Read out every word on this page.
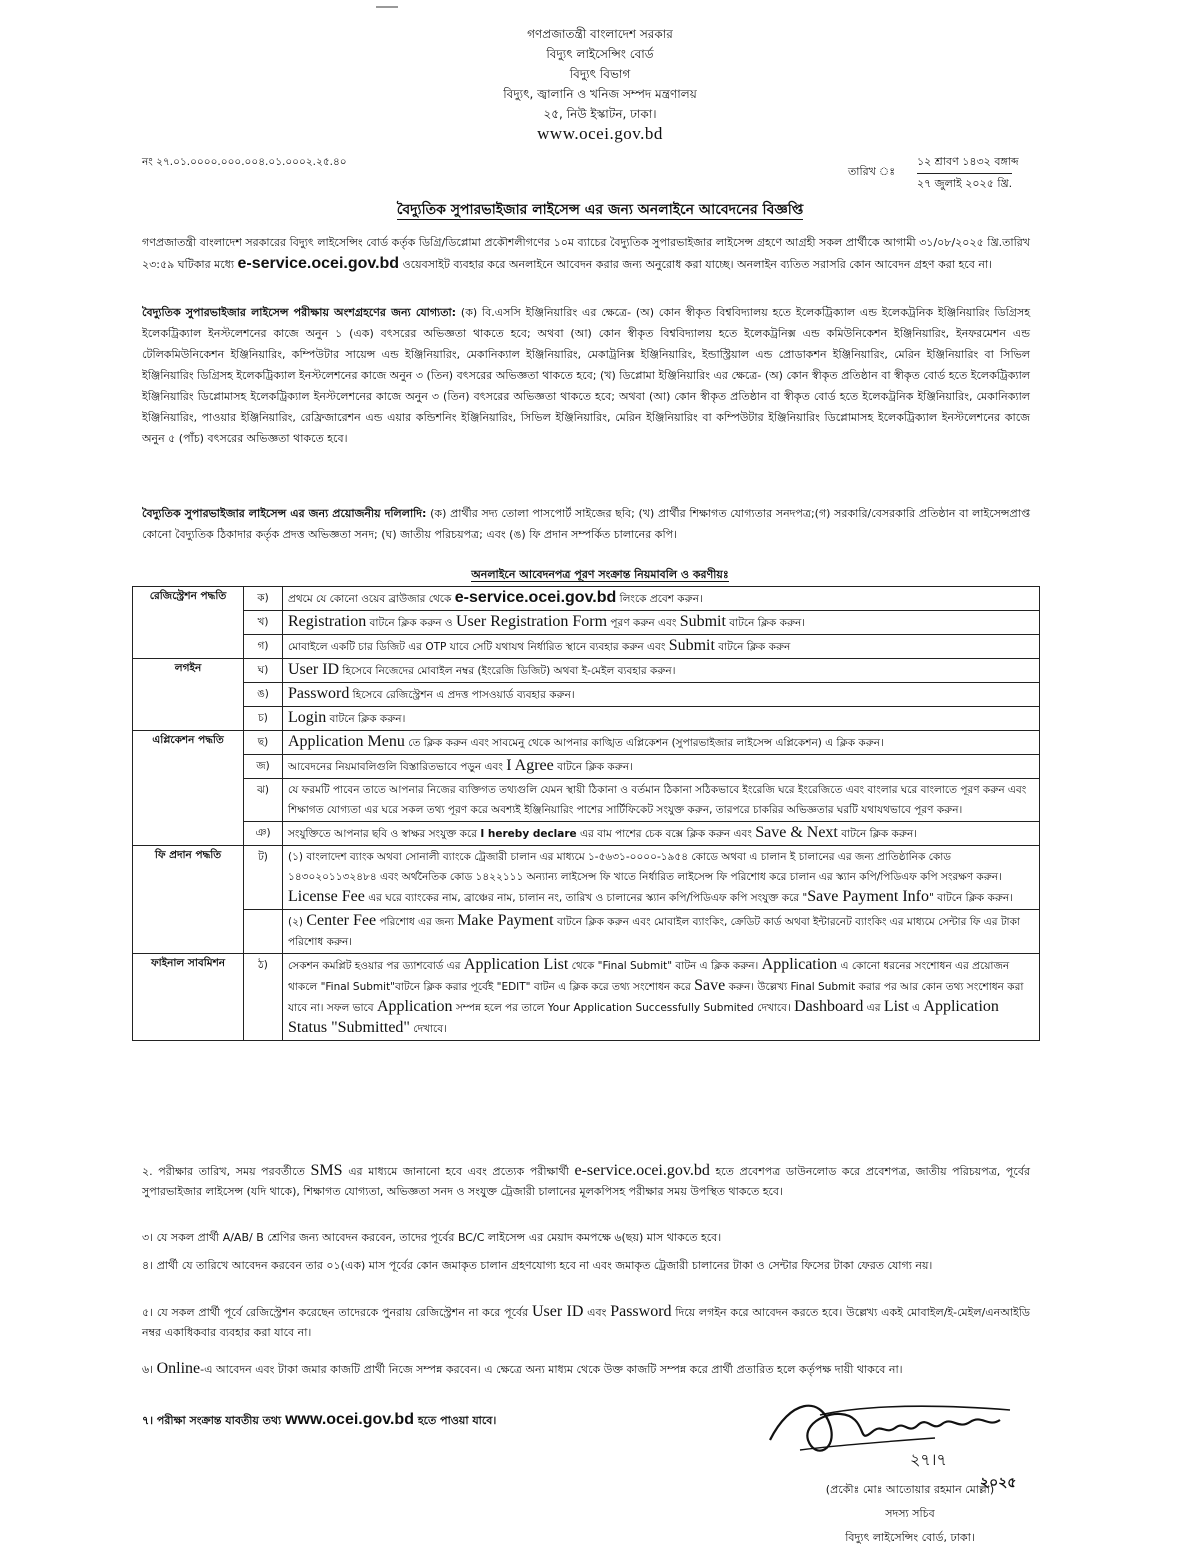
গণপ্রজাতন্ত্রী বাংলাদেশ সরকার
বিদ্যুৎ লাইসেন্সিং বোর্ড
বিদ্যুৎ বিভাগ
বিদ্যুৎ, জ্বালানি ও খনিজ সম্পদ মন্ত্রণালয়
২৫, নিউ ইস্কাটন, ঢাকা।
www.ocei.gov.bd
নং ২৭.০১.০০০০.০০০.০০৪.০১.০০০২.২৫.৪০
তারিখ ঃ
১২ শ্রাবণ ১৪৩২ বঙ্গাব্দ
২৭ জুলাই ২০২৫ খ্রি.
বৈদ্যুতিক সুপারভাইজার লাইসেন্স এর জন্য অনলাইনে আবেদনের বিজ্ঞপ্তি
গণপ্রজাতন্ত্রী বাংলাদেশ সরকারের বিদ্যুৎ লাইসেন্সিং বোর্ড কর্তৃক ডিগ্রি/ডিপ্লোমা প্রকৌশলীগণের ১০ম ব্যাচের বৈদ্যুতিক সুপারভাইজার লাইসেন্স গ্রহণে আগ্রহী সকল প্রার্থীকে আগামী ৩১/০৮/২০২৫ খ্রি.তারিখ ২৩:৫৯ ঘটিকার মধ্যে e-service.ocei.gov.bd ওয়েবসাইট ব্যবহার করে অনলাইনে আবেদন করার জন্য অনুরোধ করা যাচ্ছে। অনলাইন ব্যতিত সরাসরি কোন আবেদন গ্রহণ করা হবে না।
বৈদ্যুতিক সুপারভাইজার লাইসেন্স পরীক্ষায় অংশগ্রহণের জন্য যোগ্যতা: (ক) বি.এসসি ইঞ্জিনিয়ারিং এর ক্ষেত্রে- (অ) কোন স্বীকৃত বিশ্ববিদ্যালয় হতে ইলেকট্রিক্যাল এন্ড ইলেকট্রনিক ইঞ্জিনিয়ারিং ডিগ্রিসহ ইলেকট্রিক্যাল ইনস্টলেশনের কাজে অনুন ১ (এক) বৎসরের অভিজ্ঞতা থাকতে হবে; অথবা (আ) কোন স্বীকৃত বিশ্ববিদ্যালয় হতে ইলেকট্রনিক্স এন্ড কমিউনিকেশন ইঞ্জিনিয়ারিং, ইনফরমেশন এন্ড টেলিকমিউনিকেশন ইঞ্জিনিয়ারিং, কম্পিউটার সায়েন্স এন্ড ইঞ্জিনিয়ারিং, মেকানিক্যাল ইঞ্জিনিয়ারিং, মেকাট্রনিক্স ইঞ্জিনিয়ারিং, ইন্ডাস্ট্রিয়াল এন্ড প্রোডাকশন ইঞ্জিনিয়ারিং, মেরিন ইঞ্জিনিয়ারিং বা সিভিল ইঞ্জিনিয়ারিং ডিগ্রিসহ ইলেকট্রিক্যাল ইনস্টলেশনের কাজে অনুন ৩ (তিন) বৎসরের অভিজ্ঞতা থাকতে হবে; (খ) ডিপ্লোমা ইঞ্জিনিয়ারিং এর ক্ষেত্রে- (অ) কোন স্বীকৃত প্রতিষ্ঠান বা স্বীকৃত বোর্ড হতে ইলেকট্রিক্যাল ইঞ্জিনিয়ারিং ডিপ্লোমাসহ ইলেকট্রিক্যাল ইনস্টলেশনের কাজে অনুন ৩ (তিন) বৎসরের অভিজ্ঞতা থাকতে হবে; অথবা (আ) কোন স্বীকৃত প্রতিষ্ঠান বা স্বীকৃত বোর্ড হতে ইলেকট্রনিক ইঞ্জিনিয়ারিং, মেকানিক্যাল ইঞ্জিনিয়ারিং, পাওয়ার ইঞ্জিনিয়ারিং, রেফ্রিজারেশন এন্ড এয়ার কন্ডিশনিং ইঞ্জিনিয়ারিং, সিভিল ইঞ্জিনিয়ারিং, মেরিন ইঞ্জিনিয়ারিং বা কম্পিউটার ইঞ্জিনিয়ারিং ডিপ্লোমাসহ ইলেকট্রিক্যাল ইনস্টলেশনের কাজে অনুন ৫ (পাঁচ) বৎসরের অভিজ্ঞতা থাকতে হবে।
বৈদ্যুতিক সুপারভাইজার লাইসেন্স এর জন্য প্রয়োজনীয় দলিলাদি: (ক) প্রার্থীর সদ্য তোলা পাসপোর্ট সাইজের ছবি; (খ) প্রার্থীর শিক্ষাগত যোগ্যতার সনদপত্র;(গ) সরকারি/বেসরকারি প্রতিষ্ঠান বা লাইসেন্সপ্রাপ্ত কোনো বৈদ্যুতিক ঠিকাদার কর্তৃক প্রদত্ত অভিজ্ঞতা সনদ; (ঘ) জাতীয় পরিচয়পত্র; এবং (ঙ) ফি প্রদান সম্পর্কিত চালানের কপি।
অনলাইনে আবেদনপত্র পূরণ সংক্রান্ত নিয়মাবলি ও করণীয়ঃ
রেজিস্ট্রেশন পদ্ধতি	ক)	প্রথমে যে কোনো ওয়েব ব্রাউজার থেকে e-service.ocei.gov.bd লিংকে প্রবেশ করুন।
	খ)	Registration বাটনে ক্লিক করুন ও User Registration Form পূরণ করুন এবং Submit বাটনে ক্লিক করুন।
	গ)	মোবাইলে একটি চার ডিজিট এর OTP যাবে সেটি যথাযথ নির্ধারিত স্থানে ব্যবহার করুন এবং Submit বাটনে ক্লিক করুন
লগইন	ঘ)	User ID হিসেবে নিজেদের মোবাইল নম্বর (ইংরেজি ডিজিট) অথবা ই-মেইল ব্যবহার করুন।
	ঙ)	Password হিসেবে রেজিস্ট্রেশন এ প্রদত্ত পাসওয়ার্ড ব্যবহার করুন।
	চ)	Login বাটনে ক্লিক করুন।
এপ্লিকেশন পদ্ধতি	ছ)	Application Menu তে ক্লিক করুন এবং সাবমেনু থেকে আপনার কাঙ্খিত এপ্লিকেশন (সুপারভাইজার লাইসেন্স এপ্লিকেশন) এ ক্লিক করুন।
	জ)	আবেদনের নিয়মাবলিগুলি বিস্তারিতভাবে পড়ুন এবং I Agree বাটনে ক্লিক করুন।
	ঝ)	যে ফরমটি পাবেন তাতে আপনার নিজের ব্যক্তিগত তথ্যগুলি যেমন স্থায়ী ঠিকানা ও বর্তমান ঠিকানা সঠিকভাবে ইংরেজি ঘরে ইংরেজিতে এবং বাংলার ঘরে বাংলাতে পূরণ করুন এবং শিক্ষাগত যোগ্যতা এর ঘরে সকল তথ্য পূরণ করে অবশ্যই ইঞ্জিনিয়ারিং পাশের সার্টিফিকেট সংযুক্ত করুন, তারপরে চাকরির অভিজ্ঞতার ঘরটি যথাযথভাবে পূরণ করুন।
	ঞ)	সংযুক্তিতে আপনার ছবি ও স্বাক্ষর সংযুক্ত করে I hereby declare এর বাম পাশের চেক বক্সে ক্লিক করুন এবং Save & Next বাটনে ক্লিক করুন।
ফি প্রদান পদ্ধতি	ট)	(১) বাংলাদেশ ব্যাংক অথবা সোনালী ব্যাংকে ট্রেজারী চালান এর মাধ্যমে ১-৫৬৩১-০০০০-১৯৫৪ কোডে অথবা এ চালান ই চালানের এর জন্য প্রাতিষ্ঠানিক কোড ১৪৩০২০১১৩২৪৮৪ এবং অর্থনৈতিক কোড ১৪২২১১১ অন্যান্য লাইসেন্স ফি খাতে নির্ধারিত লাইসেন্স ফি পরিশোধ করে চালান এর স্ক্যান কপি/পিডিএফ কপি সংরক্ষণ করুন। License Fee এর ঘরে ব্যাংকের নাম, ব্রাঞ্চের নাম, চালান নং, তারিখ ও চালানের স্ক্যান কপি/পিডিএফ কপি সংযুক্ত করে "Save Payment Info" বাটনে ক্লিক করুন।
		(২) Center Fee পরিশোধ এর জন্য Make Payment বাটনে ক্লিক করুন এবং মোবাইল ব্যাংকিং, ক্রেডিট কার্ড অথবা ইন্টারনেট ব্যাংকিং এর মাধ্যমে সেন্টার ফি এর টাকা পরিশোধ করুন।
ফাইনাল সাবমিশন	ঠ)	সেকশন কমপ্লিট হওয়ার পর ড্যাশবোর্ড এর Application List থেকে "Final Submit" বাটন এ ক্লিক করুন। Application এ কোনো ধরনের সংশোধন এর প্রয়োজন থাকলে "Final Submit"বাটনে ক্লিক করার পূর্বেই "EDIT" বাটন এ ক্লিক করে তথ্য সংশোধন করে Save করুন। উল্লেখ্য Final Submit করার পর আর কোন তথ্য সংশোধন করা যাবে না। সফল ভাবে Application সম্পন্ন হলে পর তালে Your Application Successfully Submited দেখাবে। Dashboard এর List এ Application Status "Submitted" দেখাবে।
২. পরীক্ষার তারিখ, সময় পরবর্তীতে SMS এর মাধ্যমে জানানো হবে এবং প্রত্যেক পরীক্ষার্থী e-service.ocei.gov.bd হতে প্রবেশপত্র ডাউনলোড করে প্রবেশপত্র, জাতীয় পরিচয়পত্র, পূর্বের সুপারভাইজার লাইসেন্স (যদি থাকে), শিক্ষাগত যোগ্যতা, অভিজ্ঞতা সনদ ও সংযুক্ত ট্রেজারী চালানের মূলকপিসহ পরীক্ষার সময় উপস্থিত থাকতে হবে।
৩। যে সকল প্রার্থী A/AB/ B শ্রেণির জন্য আবেদন করবেন, তাদের পূর্বের BC/C লাইসেন্স এর মেয়াদ কমপক্ষে ৬(ছয়) মাস থাকতে হবে।
৪। প্রার্থী যে তারিখে আবেদন করবেন তার ০১(এক) মাস পূর্বের কোন জমাকৃত চালান গ্রহণযোগ্য হবে না এবং জমাকৃত ট্রেজারী চালানের টাকা ও সেন্টার ফিসের টাকা ফেরত যোগ্য নয়।
৫। যে সকল প্রার্থী পূর্বে রেজিস্ট্রেশন করেছেন তাদেরকে পুনরায় রেজিস্ট্রেশন না করে পূর্বের User ID এবং Password দিয়ে লগইন করে আবেদন করতে হবে। উল্লেখ্য একই মোবাইল/ই-মেইল/এনআইডি নম্বর একাধিকবার ব্যবহার করা যাবে না।
৬। Online-এ আবেদন এবং টাকা জমার কাজটি প্রার্থী নিজে সম্পন্ন করবেন। এ ক্ষেত্রে অন্য মাধ্যম থেকে উক্ত কাজটি সম্পন্ন করে প্রার্থী প্রতারিত হলে কর্তৃপক্ষ দায়ী থাকবে না।
৭। পরীক্ষা সংক্রান্ত যাবতীয় তথ্য www.ocei.gov.bd হতে পাওয়া যাবে।
২৭।৭
২০২৫
(প্রকৌঃ মোঃ আতোয়ার রহমান মোল্লা)
সদস্য সচিব
বিদ্যুৎ লাইসেন্সিং বোর্ড, ঢাকা।
